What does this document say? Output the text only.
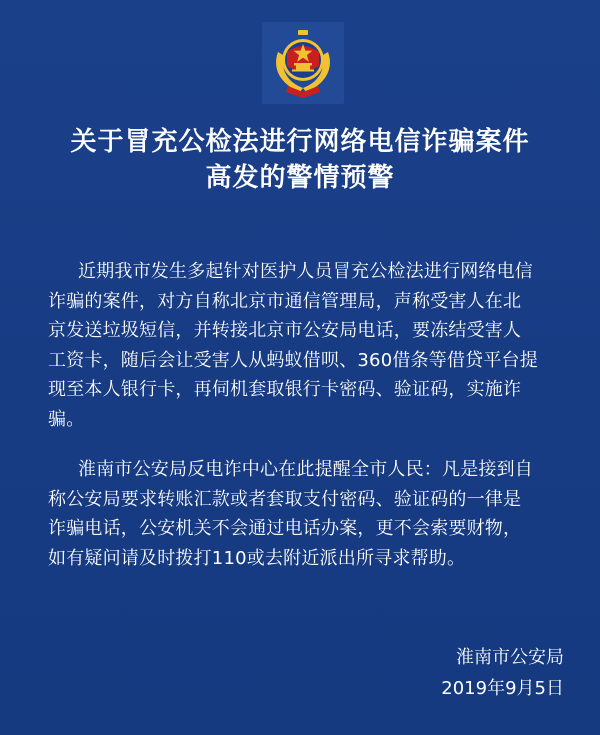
关于冒充公检法进行网络电信诈骗案件
高发的警情预警
近期我市发生多起针对医护人员冒充公检法进行网络电信
诈骗的案件，对方自称北京市通信管理局，声称受害人在北
京发送垃圾短信，并转接北京市公安局电话，要冻结受害人
工资卡，随后会让受害人从蚂蚁借呗、360借条等借贷平台提
现至本人银行卡，再伺机套取银行卡密码、验证码，实施诈
骗。
淮南市公安局反电诈中心在此提醒全市人民：凡是接到自
称公安局要求转账汇款或者套取支付密码、验证码的一律是
诈骗电话，公安机关不会通过电话办案，更不会索要财物，
如有疑问请及时拨打110或去附近派出所寻求帮助。
淮南市公安局
2019年9月5日
